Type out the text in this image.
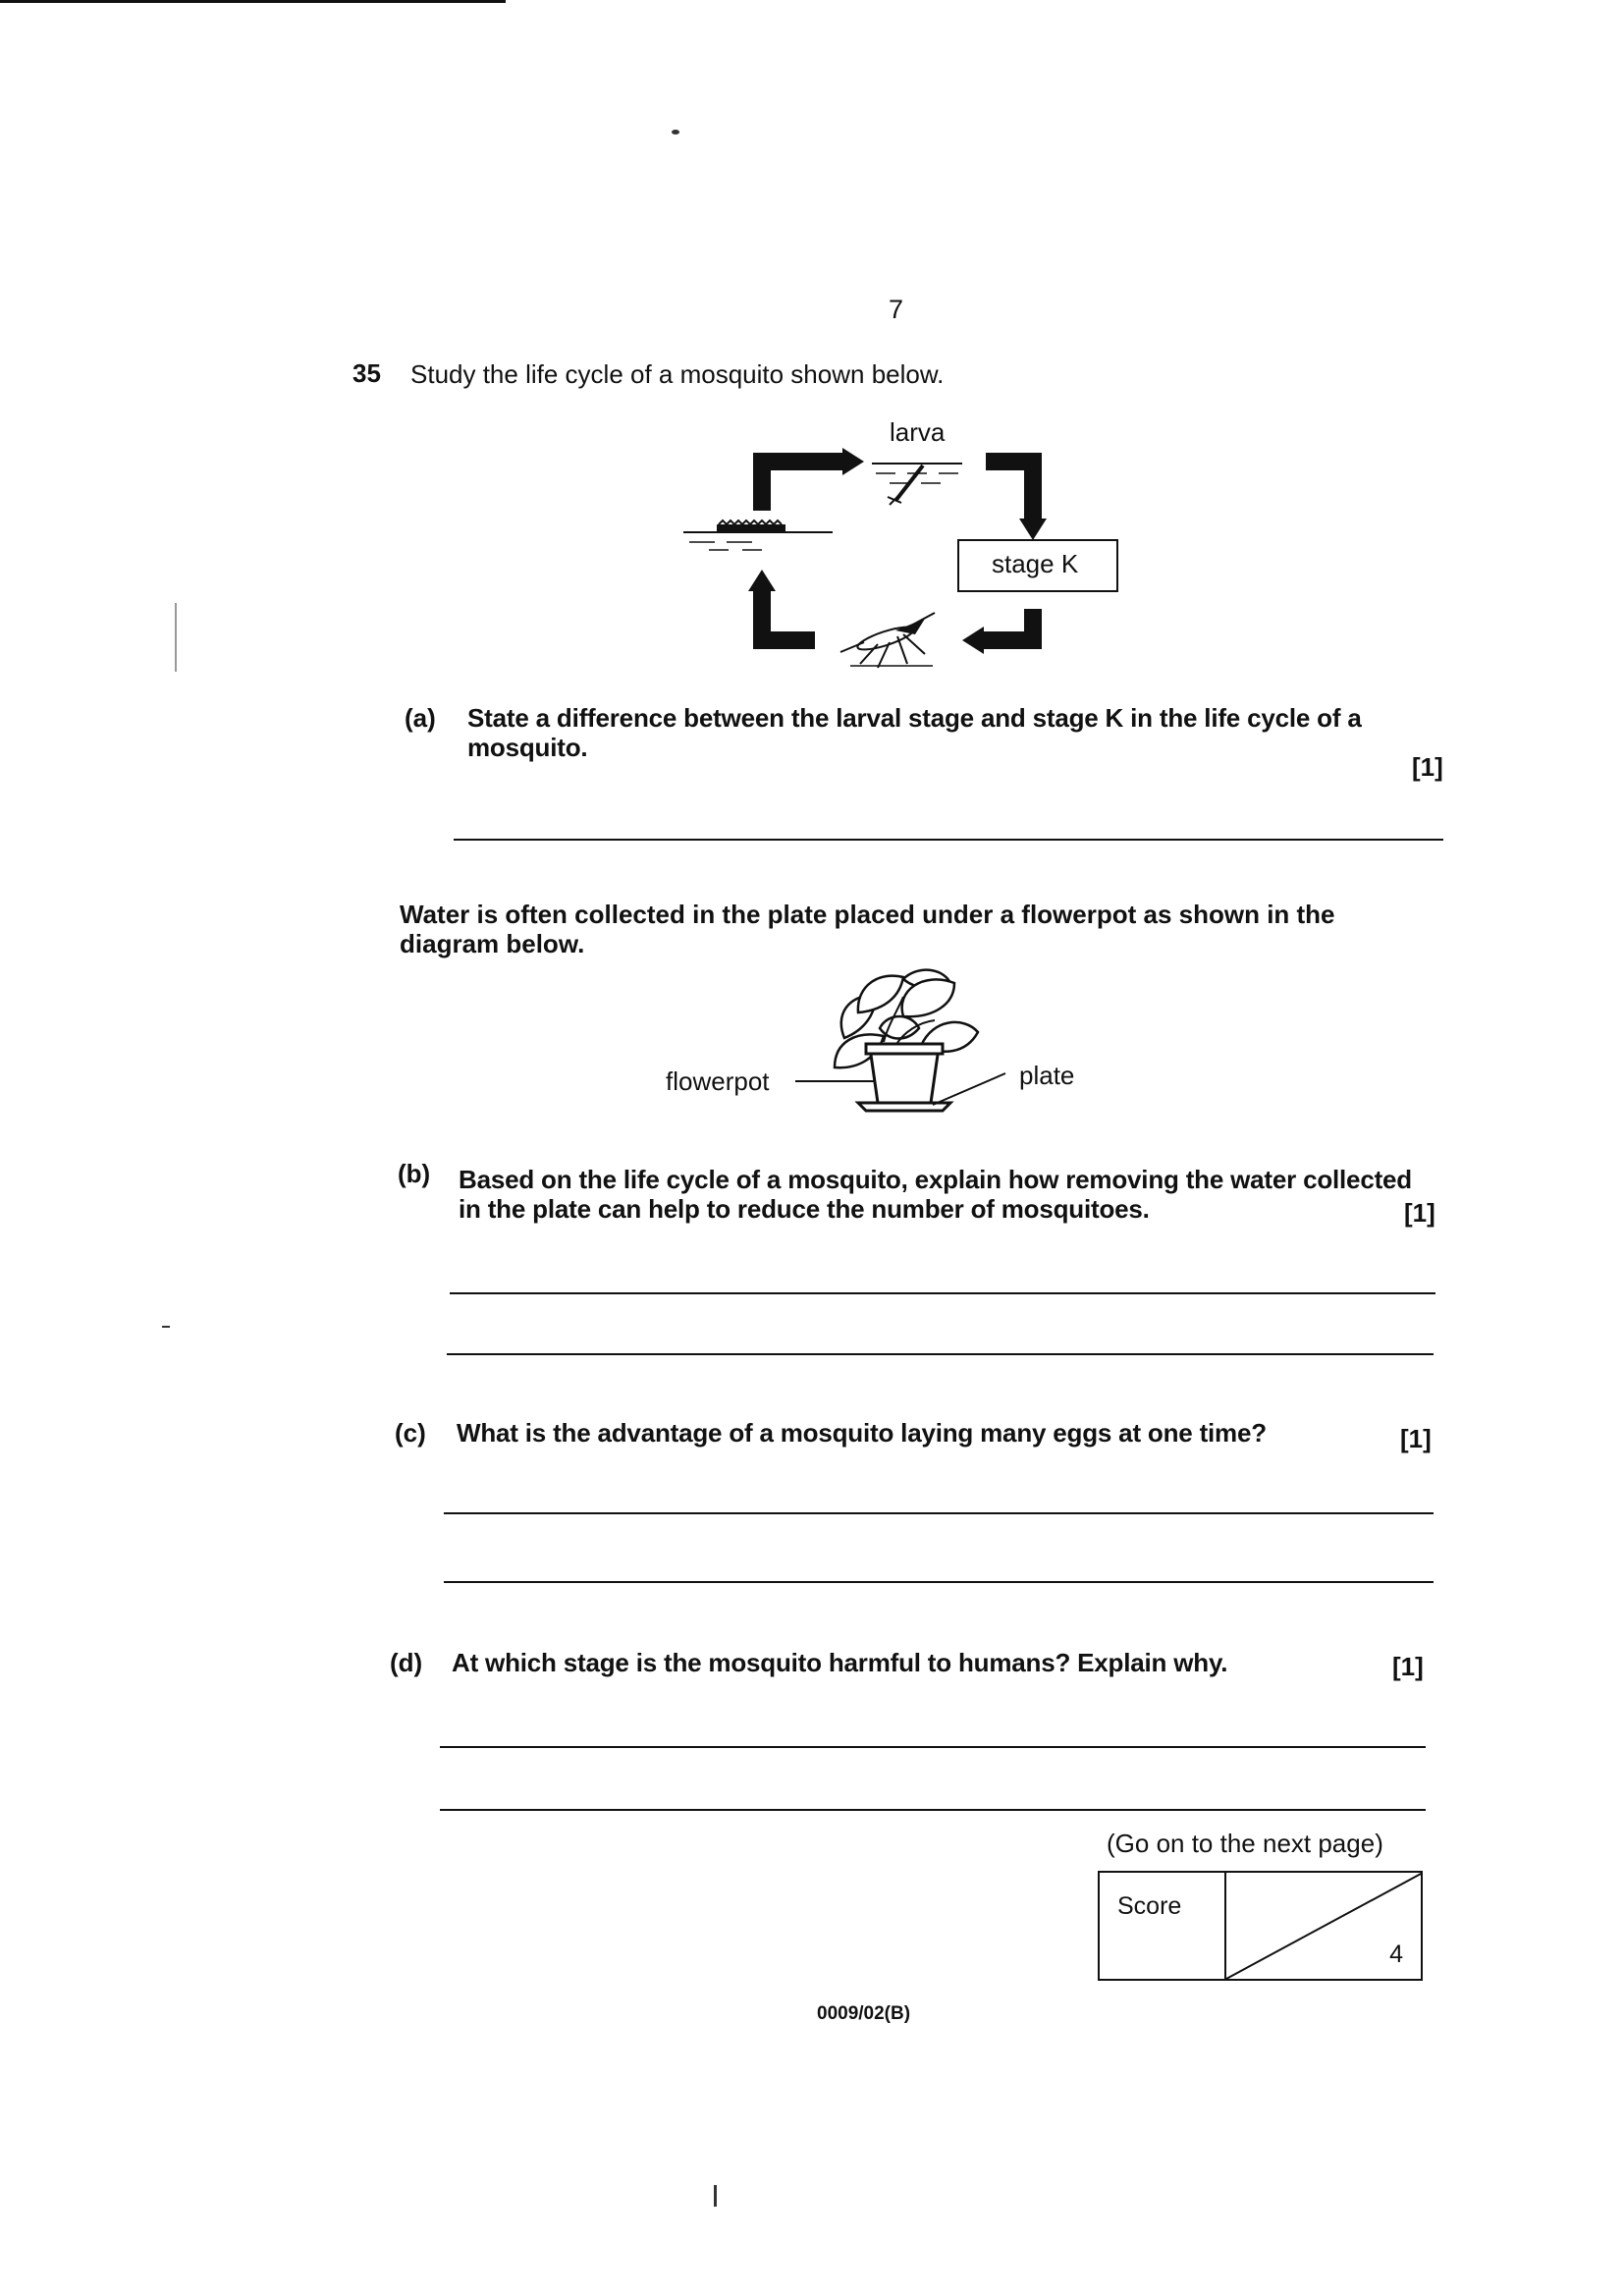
7
35 Study the life cycle of a mosquito shown below.
larva
stage K
(a) State a difference between the larval stage and stage K in the life cycle of a
mosquito.
[1]
Water is often collected in the plate placed under a flowerpot as shown in the
diagram below.
flowerpot	plate
(b) Based on the life cycle of a mosquito, explain how removing the water collected
in the plate can help to reduce the number of mosquitoes.	[1]
(c) What is the advantage of a mosquito laying many eggs at one time?	[1]
(d) At which stage is the mosquito harmful to humans? Explain why.	[1]
(Go on to the next page)
Score
4
0009/02(B)
